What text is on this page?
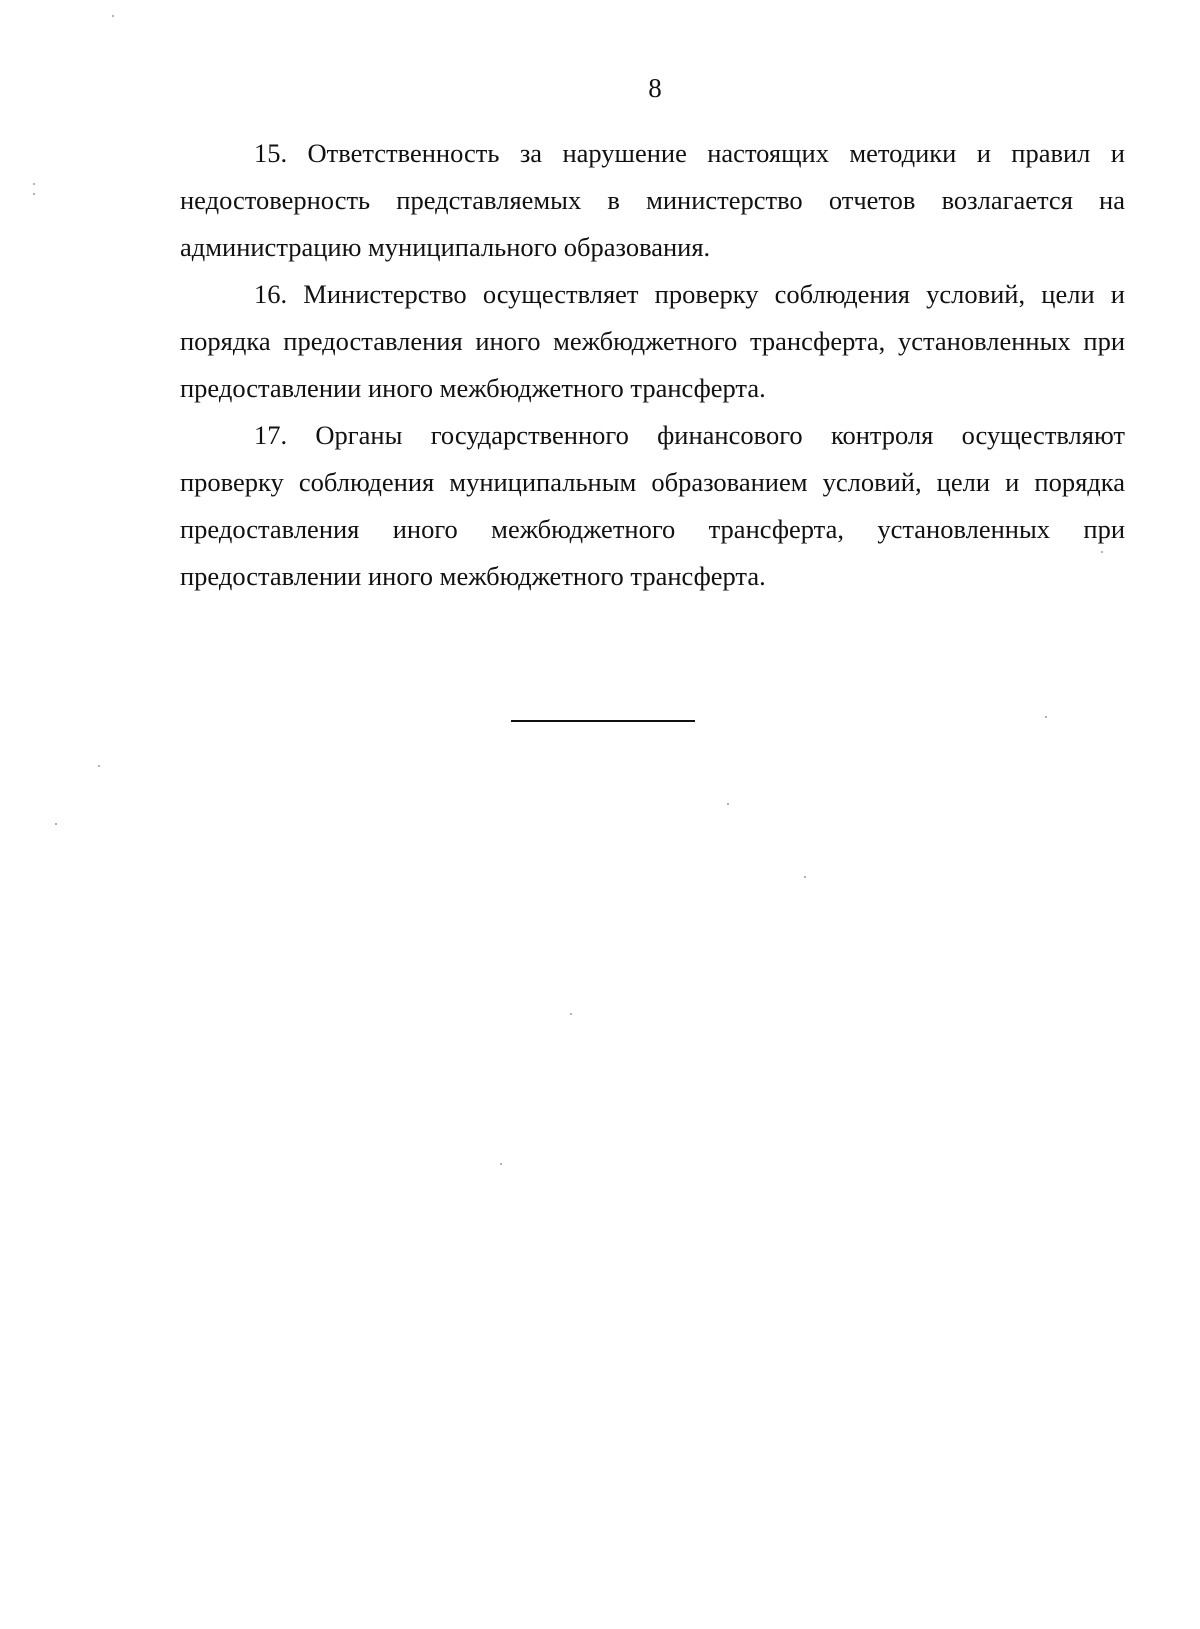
8

15. Ответственность за нарушение настоящих методики и правил и недостоверность представляемых в министерство отчетов возлагается на администрацию муниципального образования.

16. Министерство осуществляет проверку соблюдения условий, цели и порядка предоставления иного межбюджетного трансферта, установленных при предоставлении иного межбюджетного трансферта.

17. Органы государственного финансового контроля осуществляют проверку соблюдения муниципальным образованием условий, цели и порядка предоставления иного межбюджетного трансферта, установленных при предоставлении иного межбюджетного трансферта.
